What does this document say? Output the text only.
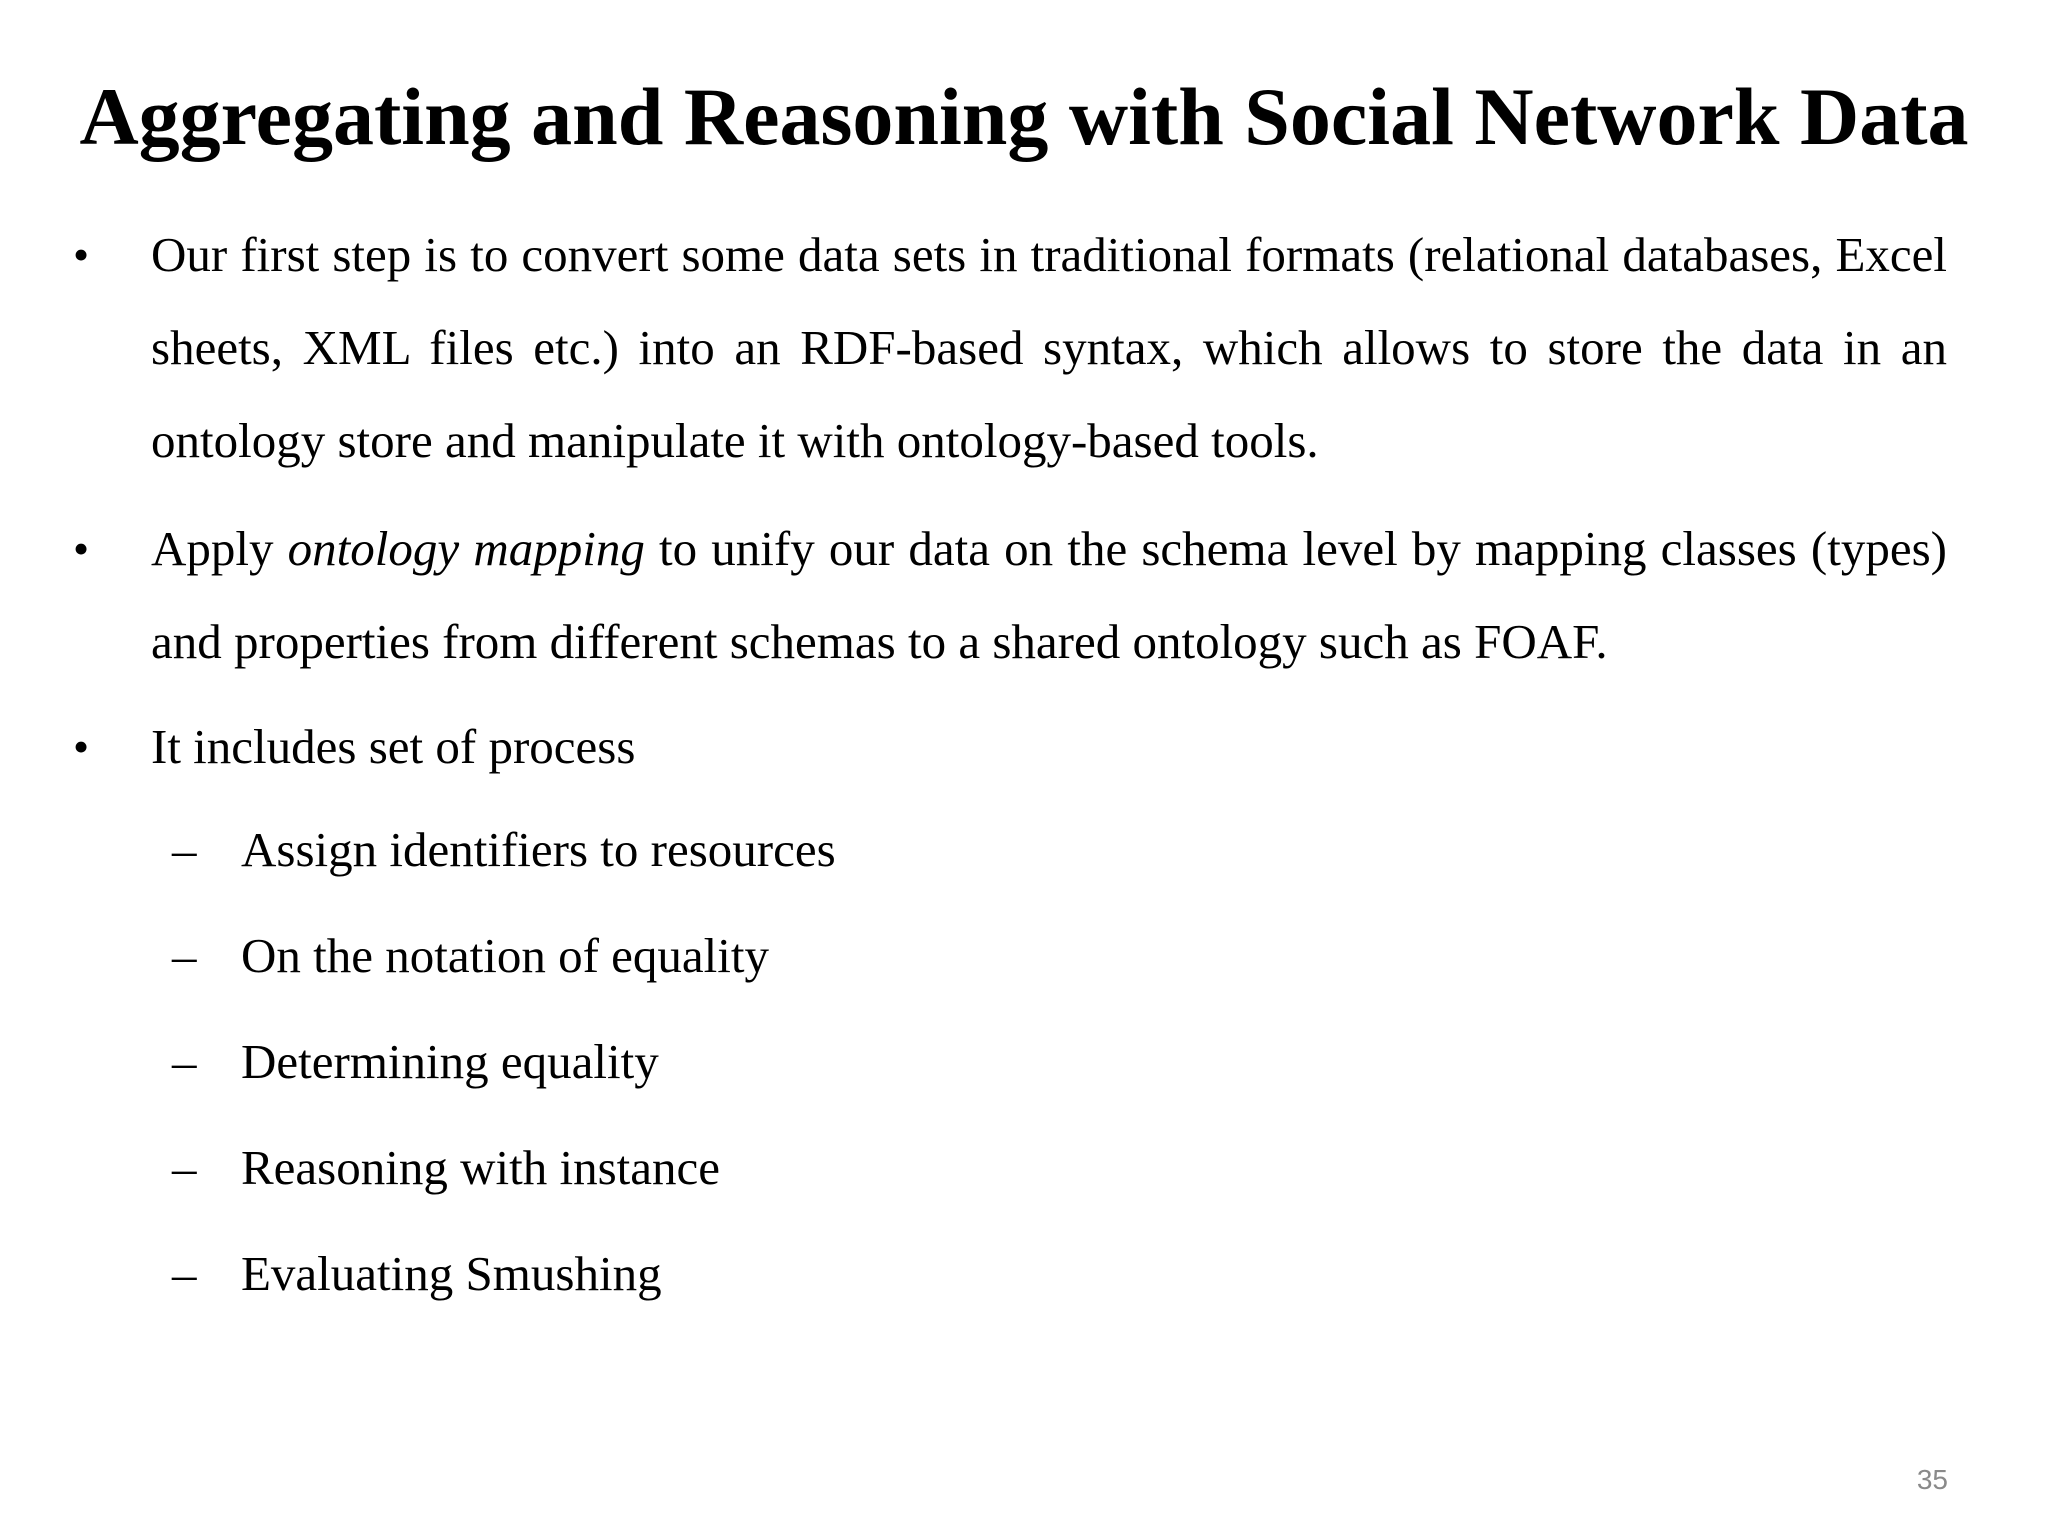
Aggregating and Reasoning with Social Network Data
• Our first step is to convert some data sets in traditional formats (relational databases, Excel sheets, XML files etc.) into an RDF-based syntax, which allows to store the data in an ontology store and manipulate it with ontology-based tools.
• Apply ontology mapping to unify our data on the schema level by mapping classes (types) and properties from different schemas to a shared ontology such as FOAF.
• It includes set of process
– Assign identifiers to resources
– On the notation of equality
– Determining equality
– Reasoning with instance
– Evaluating Smushing
35
